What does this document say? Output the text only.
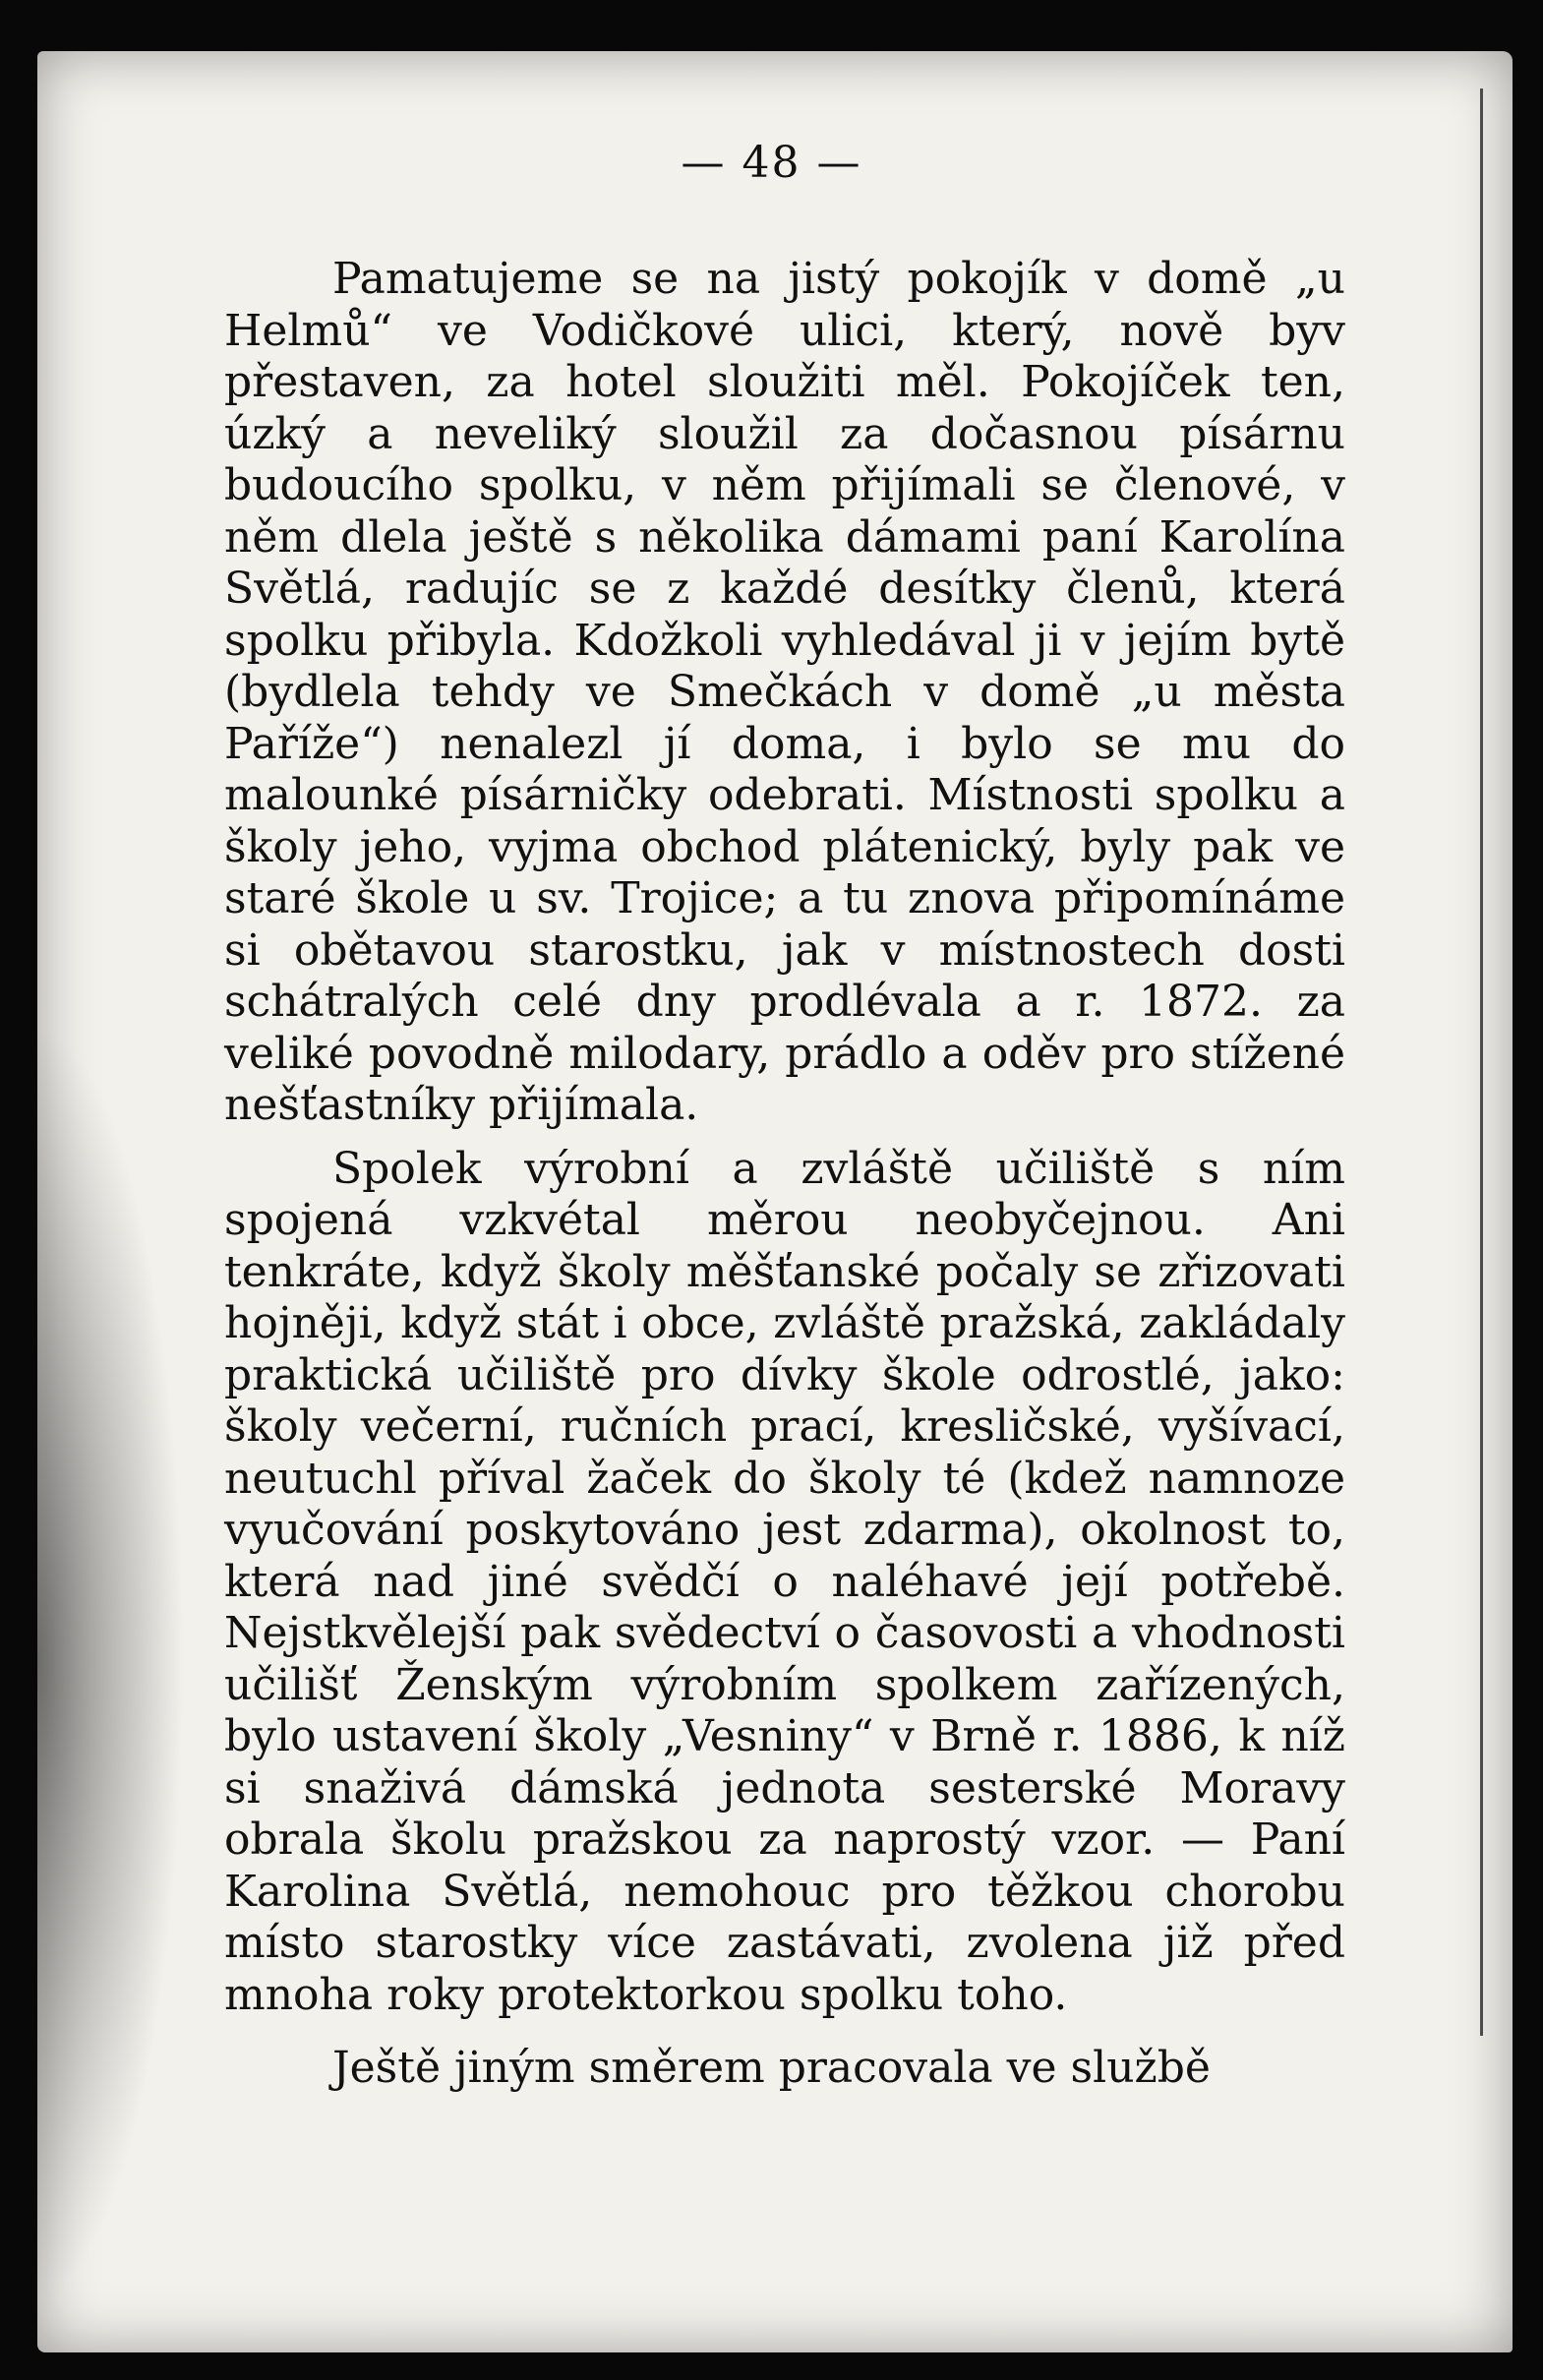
— 48 —

Pamatujeme se na jistý pokojík v domě „u Helmů“ ve Vodičkové ulici, který, nově byv přestaven, za hotel sloužiti měl. Pokojíček ten, úzký a neveliký sloužil za dočasnou písárnu budoucího spolku, v něm přijímali se členové, v něm dlela ještě s několika dámami paní Karolína Světlá, radujíc se z každé desítky členů, která spolku přibyla. Kdožkoli vyhledával ji v jejím bytě (bydlela tehdy ve Smečkách v domě „u města Paříže“) nenalezl jí doma, i bylo se mu do malounké písárničky odebrati. Místnosti spolku a školy jeho, vyjma obchod plátenický, byly pak ve staré škole u sv. Trojice; a tu znova připomínáme si obětavou starostku, jak v místnostech dosti schátralých celé dny prodlévala a r. 1872. za veliké povodně milodary, prádlo a oděv pro stížené nešťastníky přijímala.

Spolek výrobní a zvláště učiliště s ním spojená vzkvétal měrou neobyčejnou. Ani tenkráte, když školy měšťanské počaly se zřizovati hojněji, když stát i obce, zvláště pražská, zakládaly praktická učiliště pro dívky škole odrostlé, jako: školy večerní, ručních prací, kresličské, vyšívací, neutuchl příval žaček do školy té (kdež namnoze vyučování poskytováno jest zdarma), okolnost to, která nad jiné svědčí o naléhavé její potřebě. Nejstkvělejší pak svědectví o časovosti a vhodnosti učilišť Ženským výrobním spolkem zařízených, bylo ustavení školy „Vesniny“ v Brně r. 1886, k níž si snaživá dámská jednota sesterské Moravy obrala školu pražskou za naprostý vzor. — Paní Karolina Světlá, nemohouc pro těžkou chorobu místo starostky více zastávati, zvolena již před mnoha roky protektorkou spolku toho.

Ještě jiným směrem pracovala ve službě
